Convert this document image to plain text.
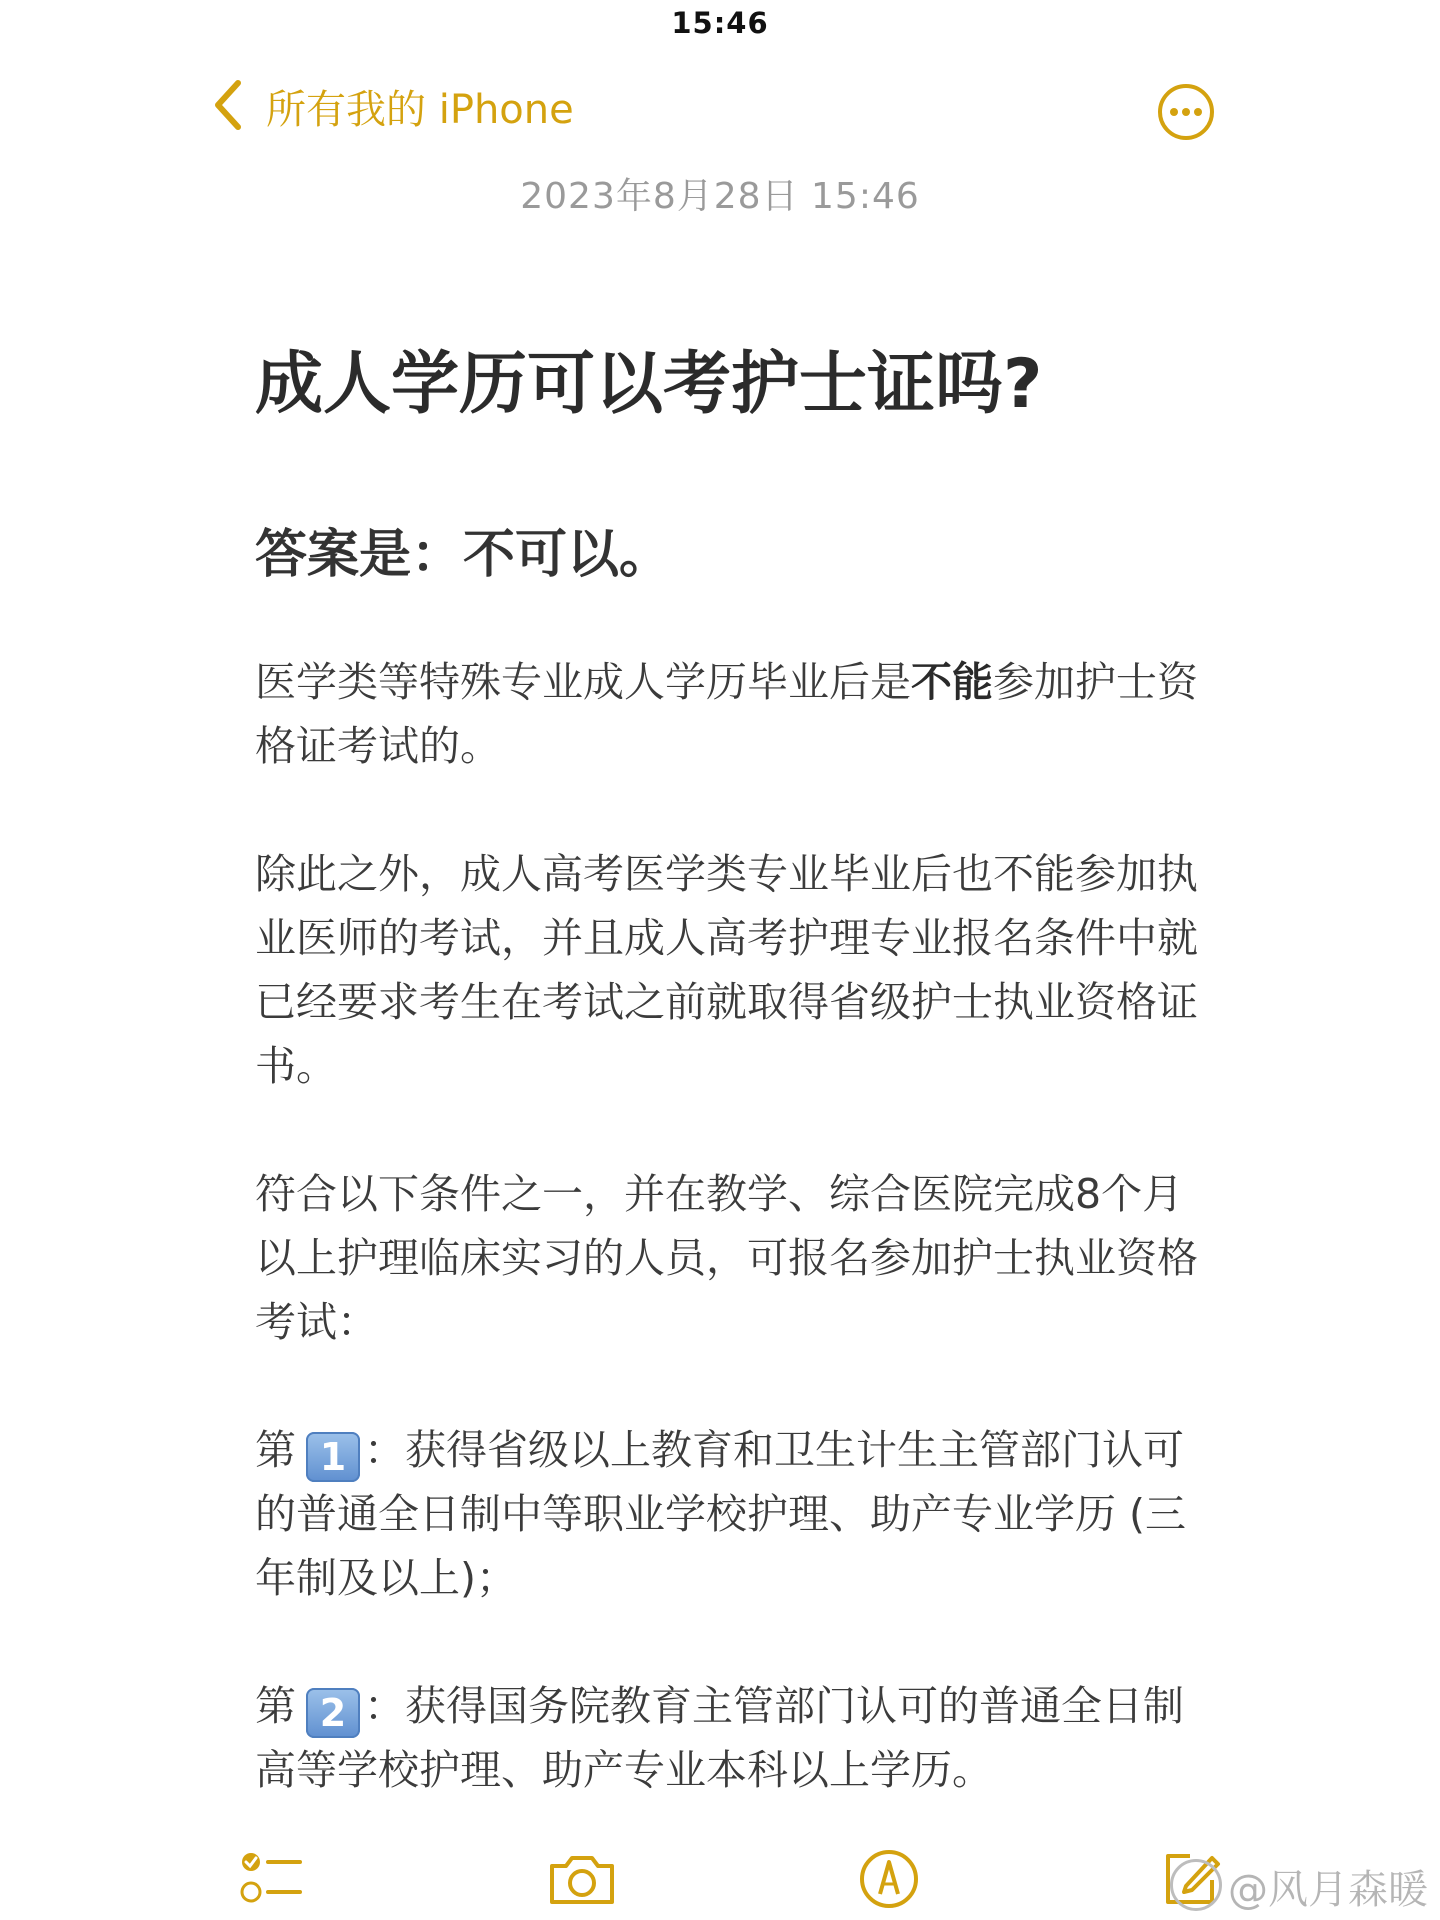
15:46
所有我的 iPhone
2023年8月28日 15:46
成人学历可以考护士证吗?
答案是：不可以。

医学类等特殊专业成人学历毕业后是不能参加护士资格证考试的。

除此之外，成人高考医学类专业毕业后也不能参加执业医师的考试，并且成人高考护理专业报名条件中就已经要求考生在考试之前就取得省级护士执业资格证书。

符合以下条件之一，并在教学、综合医院完成8个月以上护理临床实习的人员，可报名参加护士执业资格考试：

第 1 ：获得省级以上教育和卫生计生主管部门认可的普通全日制中等职业学校护理、助产专业学历 (三年制及以上)；

第 2 ：获得国务院教育主管部门认可的普通全日制高等学校护理、助产专业本科以上学历。

@风月森暖
